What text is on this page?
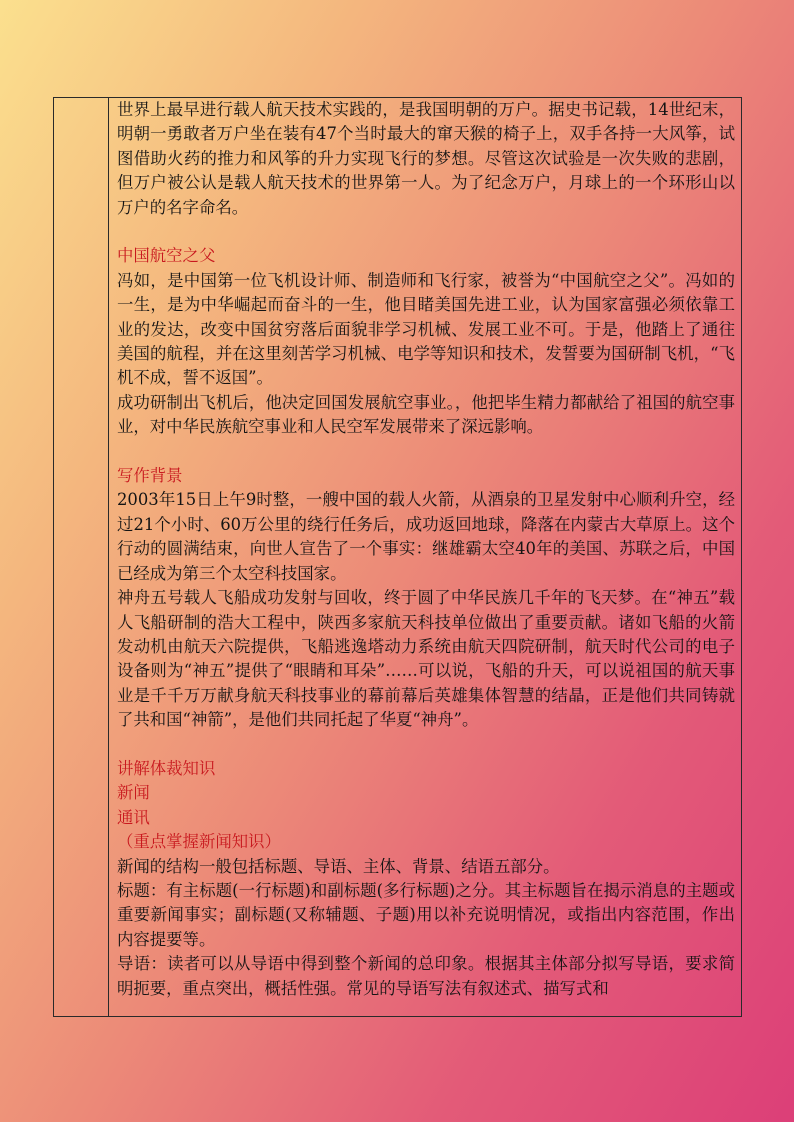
世界上最早进行载人航天技术实践的，是我国明朝的万户。据史书记载，14世纪末，明朝一勇敢者万户坐在装有47个当时最大的窜天猴的椅子上，双手各持一大风筝，试图借助火药的推力和风筝的升力实现飞行的梦想。尽管这次试验是一次失败的悲剧，但万户被公认是载人航天技术的世界第一人。为了纪念万户，月球上的一个环形山以万户的名字命名。

中国航空之父

冯如，是中国第一位飞机设计师、制造师和飞行家，被誉为“中国航空之父”。冯如的一生，是为中华崛起而奋斗的一生，他目睹美国先进工业，认为国家富强必须依靠工业的发达，改变中国贫穷落后面貌非学习机械、发展工业不可。于是，他踏上了通往美国的航程，并在这里刻苦学习机械、电学等知识和技术，发誓要为国研制飞机，“飞机不成，誓不返国”。

成功研制出飞机后，他决定回国发展航空事业。，他把毕生精力都献给了祖国的航空事业，对中华民族航空事业和人民空军发展带来了深远影响。

写作背景

2003年15日上午9时整，一艘中国的载人火箭，从酒泉的卫星发射中心顺利升空，经过21个小时、60万公里的绕行任务后，成功返回地球，降落在内蒙古大草原上。这个行动的圆满结束，向世人宣告了一个事实：继雄霸太空40年的美国、苏联之后，中国已经成为第三个太空科技国家。

神舟五号载人飞船成功发射与回收，终于圆了中华民族几千年的飞天梦。在“神五”载人飞船研制的浩大工程中，陕西多家航天科技单位做出了重要贡献。诸如飞船的火箭发动机由航天六院提供，飞船逃逸塔动力系统由航天四院研制，航天时代公司的电子设备则为“神五”提供了“眼睛和耳朵”……可以说，飞船的升天，可以说祖国的航天事业是千千万万献身航天科技事业的幕前幕后英雄集体智慧的结晶，正是他们共同铸就了共和国“神箭”，是他们共同托起了华夏“神舟”。

讲解体裁知识

新闻

通讯

（重点掌握新闻知识）

新闻的结构一般包括标题、导语、主体、背景、结语五部分。

标题：有主标题(一行标题)和副标题(多行标题)之分。其主标题旨在揭示消息的主题或重要新闻事实；副标题(又称辅题、子题)用以补充说明情况，或指出内容范围，作出内容提要等。

导语：读者可以从导语中得到整个新闻的总印象。根据其主体部分拟写导语，要求简明扼要，重点突出，概括性强。常见的导语写法有叙述式、描写式和
